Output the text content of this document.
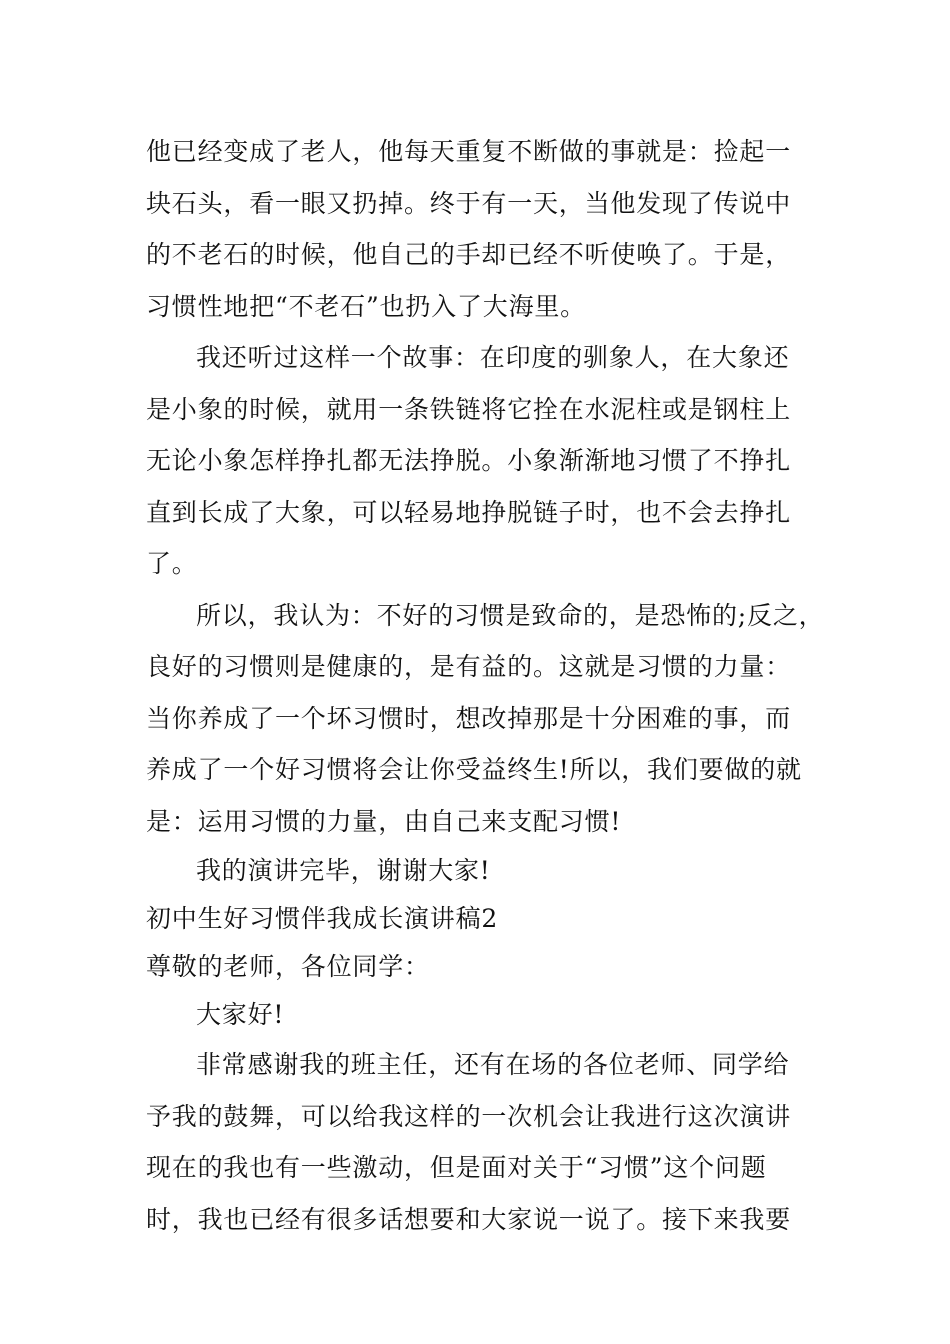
他已经变成了老人，他每天重复不断做的事就是：捡起一
块石头，看一眼又扔掉。终于有一天，当他发现了传说中
的不老石的时候，他自己的手却已经不听使唤了。于是，
习惯性地把“不老石”也扔入了大海里。
我还听过这样一个故事：在印度的驯象人，在大象还
是小象的时候，就用一条铁链将它拴在水泥柱或是钢柱上
无论小象怎样挣扎都无法挣脱。小象渐渐地习惯了不挣扎
直到长成了大象，可以轻易地挣脱链子时，也不会去挣扎
了。
所以，我认为：不好的习惯是致命的，是恐怖的;反之，
良好的习惯则是健康的，是有益的。这就是习惯的力量：
当你养成了一个坏习惯时，想改掉那是十分困难的事，而
养成了一个好习惯将会让你受益终生!所以，我们要做的就
是：运用习惯的力量，由自己来支配习惯!
我的演讲完毕，谢谢大家!
初中生好习惯伴我成长演讲稿2
尊敬的老师，各位同学：
大家好!
非常感谢我的班主任，还有在场的各位老师、同学给
予我的鼓舞，可以给我这样的一次机会让我进行这次演讲
现在的我也有一些激动，但是面对关于“习惯”这个问题
时，我也已经有很多话想要和大家说一说了。接下来我要
